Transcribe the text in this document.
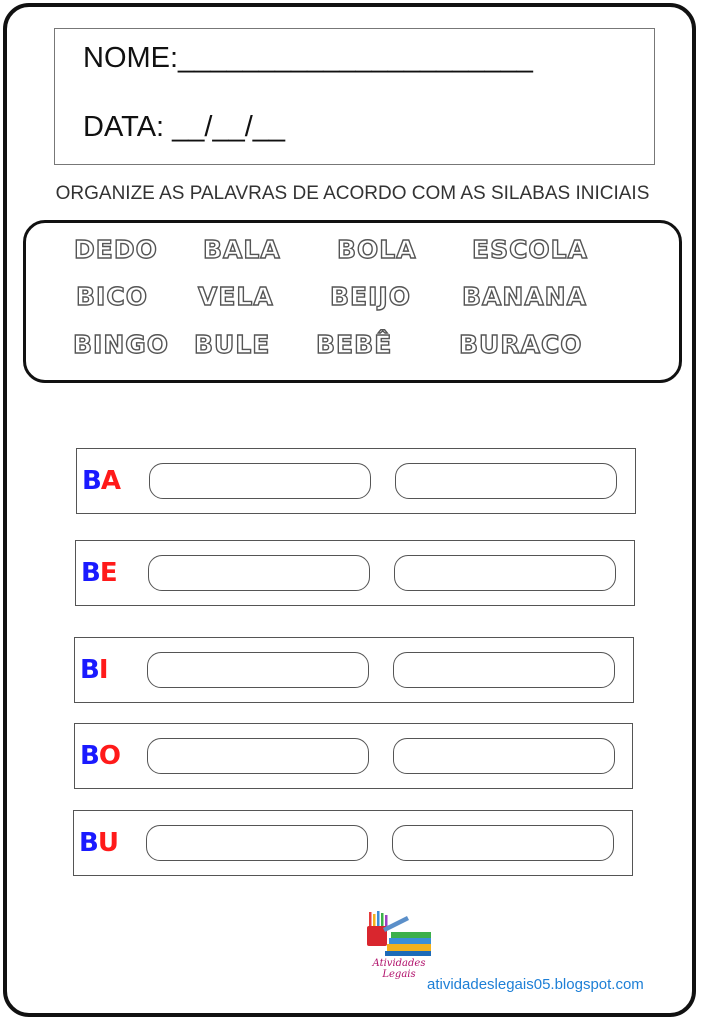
NOME:______________________
DATA: __/__/__
ORGANIZE AS PALAVRAS DE ACORDO COM AS SILABAS INICIAIS
DEDO BALA BOLA ESCOLA
BICO VELA BEIJO BANANA
BINGO BULE BEBÊ	BURACO
BA
BE
BI
BO
BU
Atividades
Legais
atividadeslegais05.blogspot.com
